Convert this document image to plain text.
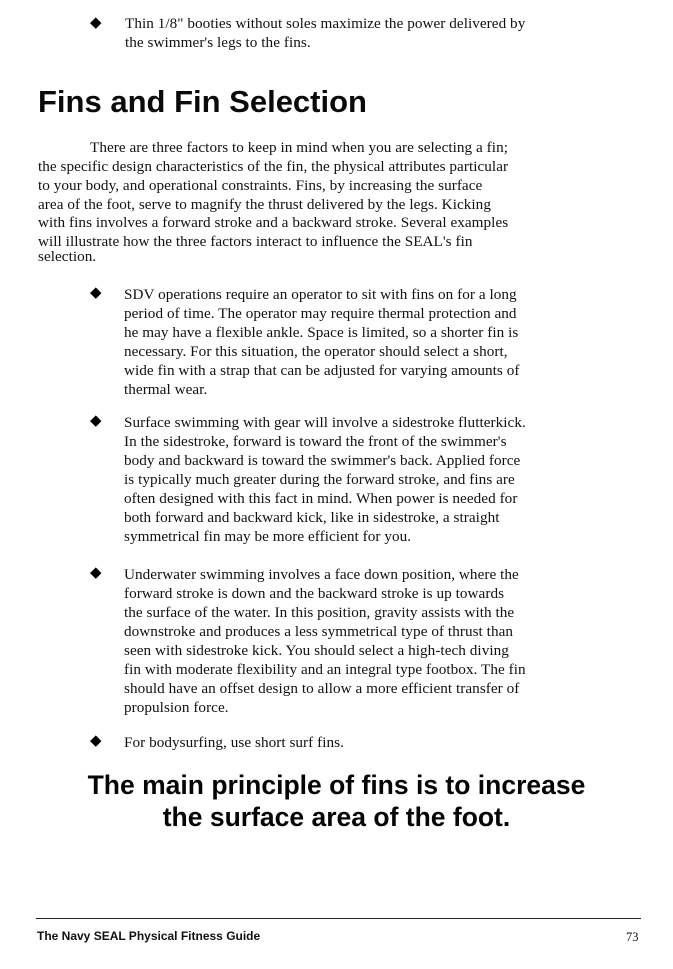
◆ Thin 1/8" booties without soles maximize the power delivered by
the swimmer's legs to the fins.
Fins and Fin Selection
There are three factors to keep in mind when you are selecting a fin;
the specific design characteristics of the fin, the physical attributes particular
to your body, and operational constraints. Fins, by increasing the surface
area of the foot, serve to magnify the thrust delivered by the legs. Kicking
with fins involves a forward stroke and a backward stroke. Several examples
will illustrate how the three factors interact to influence the SEAL's fin
selection.
◆ SDV operations require an operator to sit with fins on for a long
period of time. The operator may require thermal protection and
he may have a flexible ankle. Space is limited, so a shorter fin is
necessary. For this situation, the operator should select a short,
wide fin with a strap that can be adjusted for varying amounts of
thermal wear.
◆ Surface swimming with gear will involve a sidestroke flutterkick.
In the sidestroke, forward is toward the front of the swimmer's
body and backward is toward the swimmer's back. Applied force
is typically much greater during the forward stroke, and fins are
often designed with this fact in mind. When power is needed for
both forward and backward kick, like in sidestroke, a straight
symmetrical fin may be more efficient for you.
◆ Underwater swimming involves a face down position, where the
forward stroke is down and the backward stroke is up towards
the surface of the water. In this position, gravity assists with the
downstroke and produces a less symmetrical type of thrust than
seen with sidestroke kick. You should select a high-tech diving
fin with moderate flexibility and an integral type footbox. The fin
should have an offset design to allow a more efficient transfer of
propulsion force.
◆ For bodysurfing, use short surf fins.
The main principle of fins is to increase
the surface area of the foot.
The Navy SEAL Physical Fitness Guide	73
